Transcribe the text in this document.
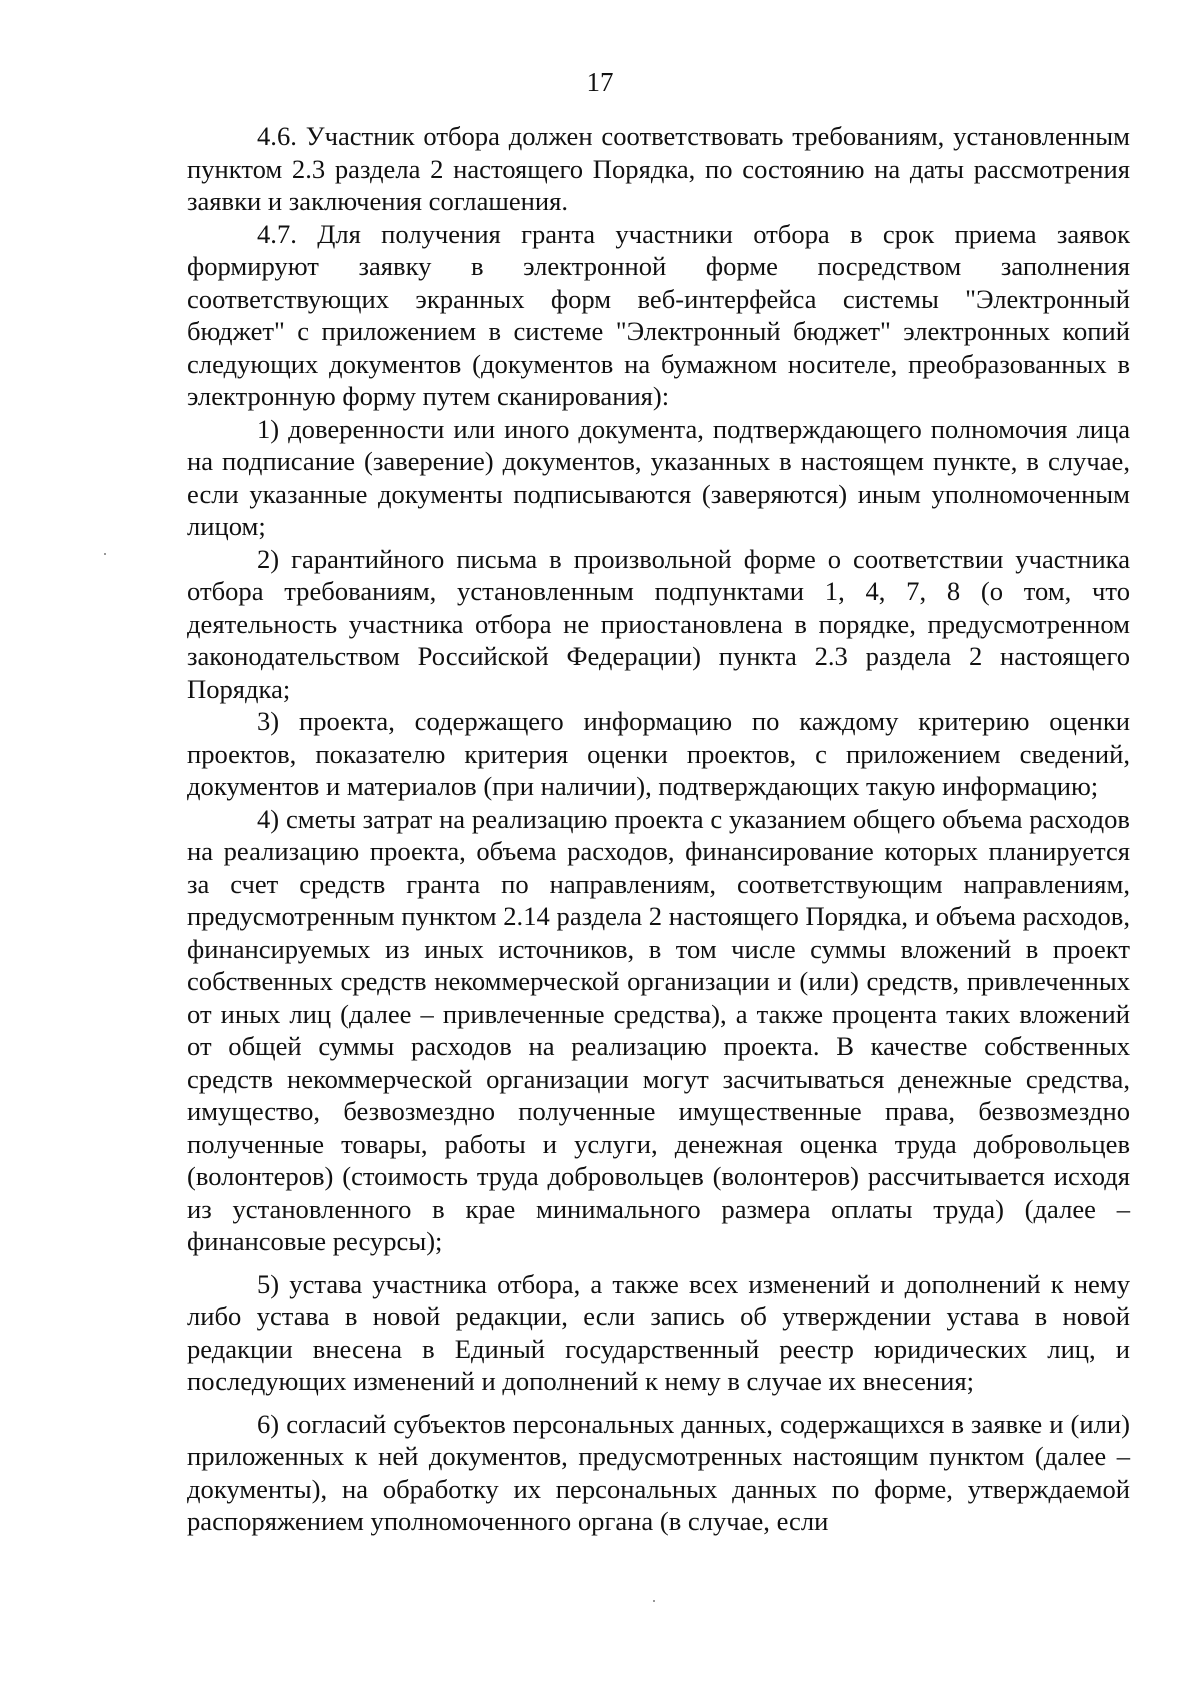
17

4.6. Участник отбора должен соответствовать требованиям, установленным пунктом 2.3 раздела 2 настоящего Порядка, по состоянию на даты рассмотрения заявки и заключения соглашения.

4.7. Для получения гранта участники отбора в срок приема заявок формируют заявку в электронной форме посредством заполнения соответствующих экранных форм веб-интерфейса системы "Электронный бюджет" с приложением в системе "Электронный бюджет" электронных копий следующих документов (документов на бумажном носителе, преобразованных в электронную форму путем сканирования):

1) доверенности или иного документа, подтверждающего полномочия лица на подписание (заверение) документов, указанных в настоящем пункте, в случае, если указанные документы подписываются (заверяются) иным уполномоченным лицом;

2) гарантийного письма в произвольной форме о соответствии участника отбора требованиям, установленным подпунктами 1, 4, 7, 8 (о том, что деятельность участника отбора не приостановлена в порядке, предусмотренном законодательством Российской Федерации) пункта 2.3 раздела 2 настоящего Порядка;

3) проекта, содержащего информацию по каждому критерию оценки проектов, показателю критерия оценки проектов, с приложением сведений, документов и материалов (при наличии), подтверждающих такую информацию;

4) сметы затрат на реализацию проекта с указанием общего объема расходов на реализацию проекта, объема расходов, финансирование которых планируется за счет средств гранта по направлениям, соответствующим направлениям, предусмотренным пунктом 2.14 раздела 2 настоящего Порядка, и объема расходов, финансируемых из иных источников, в том числе суммы вложений в проект собственных средств некоммерческой организации и (или) средств, привлеченных от иных лиц (далее – привлеченные средства), а также процента таких вложений от общей суммы расходов на реализацию проекта. В качестве собственных средств некоммерческой организации могут засчитываться денежные средства, имущество, безвозмездно полученные имущественные права, безвозмездно полученные товары, работы и услуги, денежная оценка труда добровольцев (волонтеров) (стоимость труда добровольцев (волонтеров) рассчитывается исходя из установленного в крае минимального размера оплаты труда) (далее – финансовые ресурсы);

5) устава участника отбора, а также всех изменений и дополнений к нему либо устава в новой редакции, если запись об утверждении устава в новой редакции внесена в Единый государственный реестр юридических лиц, и последующих изменений и дополнений к нему в случае их внесения;

6) согласий субъектов персональных данных, содержащихся в заявке и (или) приложенных к ней документов, предусмотренных настоящим пунктом (далее – документы), на обработку их персональных данных по форме, утверждаемой распоряжением уполномоченного органа (в случае, если
